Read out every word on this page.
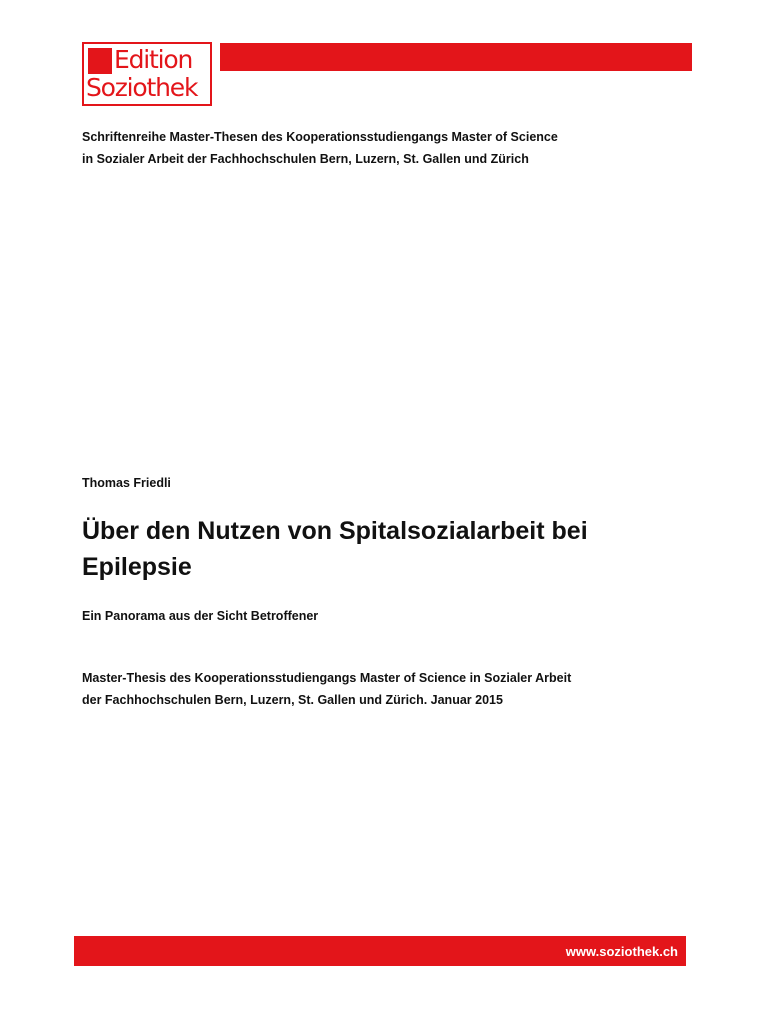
Edition
Soziothek
Schriftenreihe Master-Thesen des Kooperationsstudiengangs Master of Science
in Sozialer Arbeit der Fachhochschulen Bern, Luzern, St. Gallen und Zürich
Thomas Friedli
Über den Nutzen von Spitalsozialarbeit bei Epilepsie
Ein Panorama aus der Sicht Betroffener
Master-Thesis des Kooperationsstudiengangs Master of Science in Sozialer Arbeit
der Fachhochschulen Bern, Luzern, St. Gallen und Zürich. Januar 2015
www.soziothek.ch
